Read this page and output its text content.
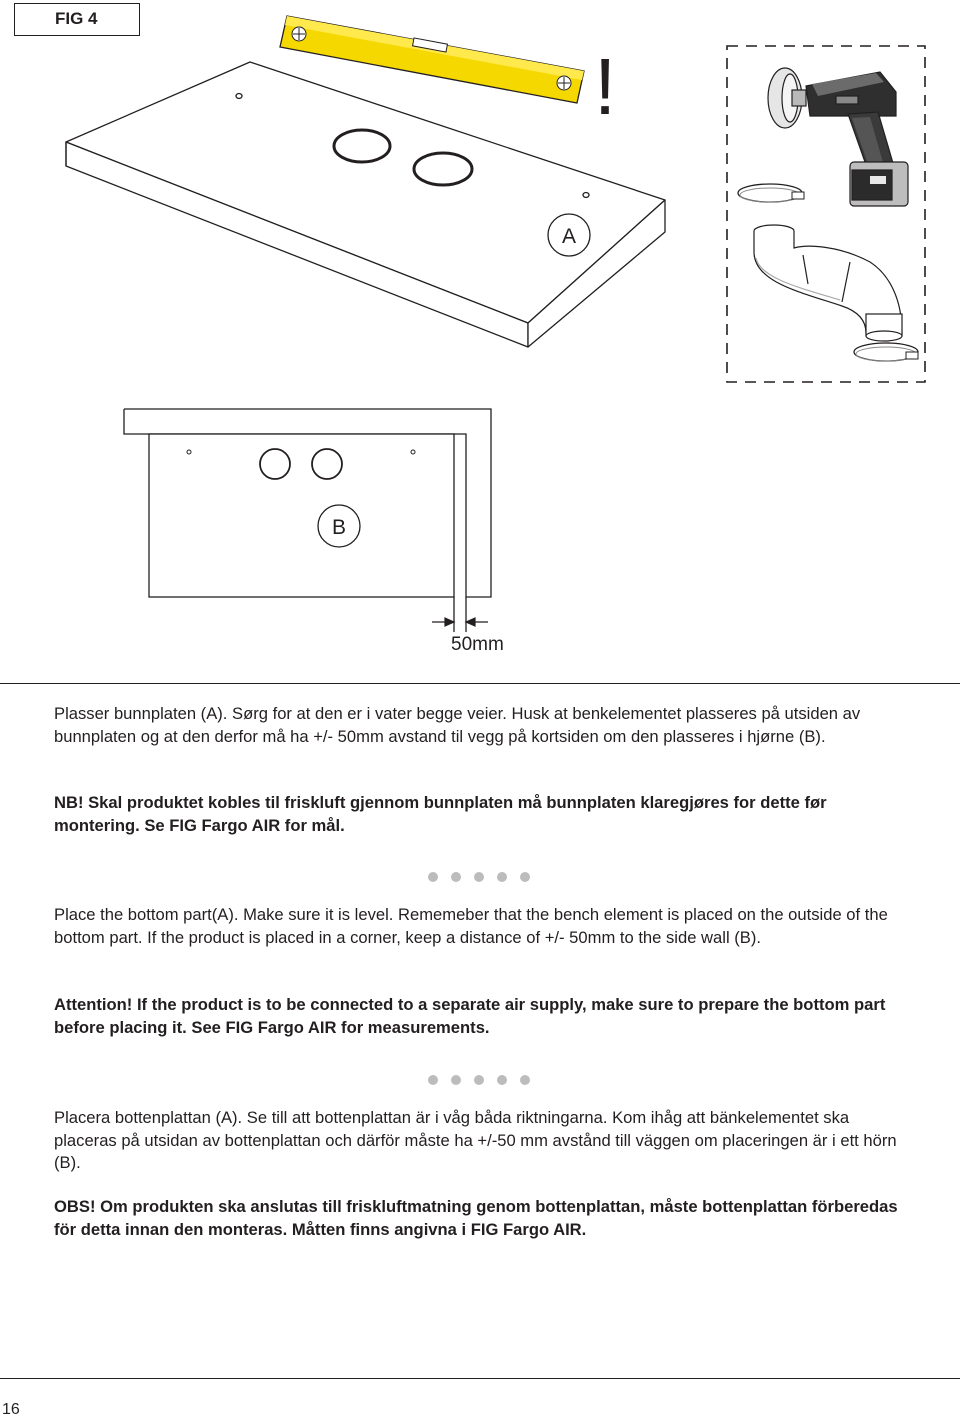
FIG 4
!
A
B
50mm
Plasser bunnplaten (A). Sørg for at den er i vater begge veier. Husk at benkelementet plasseres på utsiden av bunnplaten og at den derfor må ha +/- 50mm avstand til vegg på kortsiden om den plasseres i hjørne (B).
NB! Skal produktet kobles til friskluft gjennom bunnplaten må bunnplaten klaregjøres for dette før montering. Se FIG Fargo AIR for mål.
Place the bottom part(A). Make sure it is level. Rememeber that the bench element is placed on the outside of the bottom part. If the product is placed in a corner, keep a distance of +/- 50mm to the side wall (B).
Attention! If the product is to be connected to a separate air supply, make sure to prepare the bottom part before placing it. See FIG Fargo AIR for measurements.
Placera bottenplattan (A). Se till att bottenplattan är i våg båda riktningarna. Kom ihåg att bänkelementet ska placeras på utsidan av bottenplattan och därför måste ha +/-50 mm avstånd till väggen om placeringen är i ett hörn (B).
OBS! Om produkten ska anslutas till friskluftmatning genom bottenplattan, måste bottenplattan förberedas för detta innan den monteras. Måtten finns angivna i FIG Fargo AIR.
16
